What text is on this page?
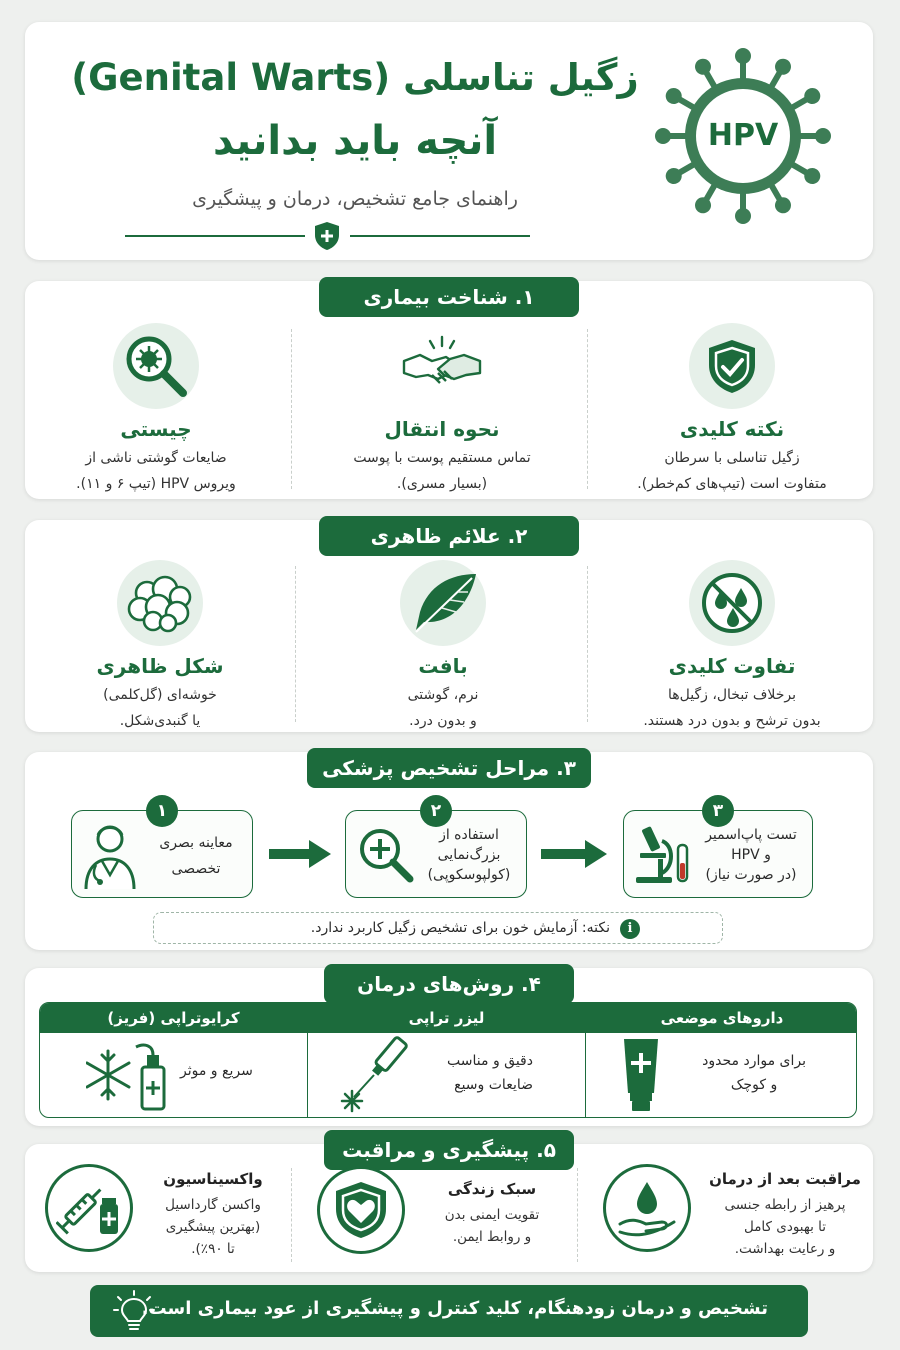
زگیل تناسلی (Genital Warts)
آنچه باید بدانید
راهنمای جامع تشخیص، درمان و پیشگیری
HPV
۱. شناخت بیماری
نکته کلیدی
زگیل تناسلی با سرطان
متفاوت است (تیپ‌های کم‌خطر).
نحوه انتقال
تماس مستقیم پوست با پوست
(بسیار مسری).
چیستی
ضایعات گوشتی ناشی از
ویروس HPV (تیپ ۶ و ۱۱).
۲. علائم ظاهری
تفاوت کلیدی
برخلاف تبخال، زگیل‌ها
بدون ترشح و بدون درد هستند.
بافت
نرم، گوشتی
و بدون درد.
شکل ظاهری
خوشه‌ای (گل‌کلمی)
یا گنبدی‌شکل.
۳. مراحل تشخیص پزشکی
۳
تست پاپ‌اسمیر
و HPV
(در صورت نیاز)
۲
استفاده از
بزرگ‌نمایی
(کولپوسکوپی)
۱
معاینه بصری
تخصصی
i
نکته: آزمایش خون برای تشخیص زگیل کاربرد ندارد.
۴. روش‌های درمان
کرایوتراپی (فریز)
سریع و موثر
لیزر تراپی
دقیق و مناسب
ضایعات وسیع
داروهای موضعی
برای موارد محدود
و کوچک
۵. پیشگیری و مراقبت
مراقبت بعد از درمان
پرهیز از رابطه جنسی
تا بهبودی کامل
و رعایت بهداشت.
سبک زندگی
تقویت ایمنی بدن
و روابط ایمن.
واکسیناسیون
واکسن گارداسیل
(بهترین پیشگیری
تا ۹۰٪).
تشخیص و درمان زودهنگام، کلید کنترل و پیشگیری از عود بیماری است.
